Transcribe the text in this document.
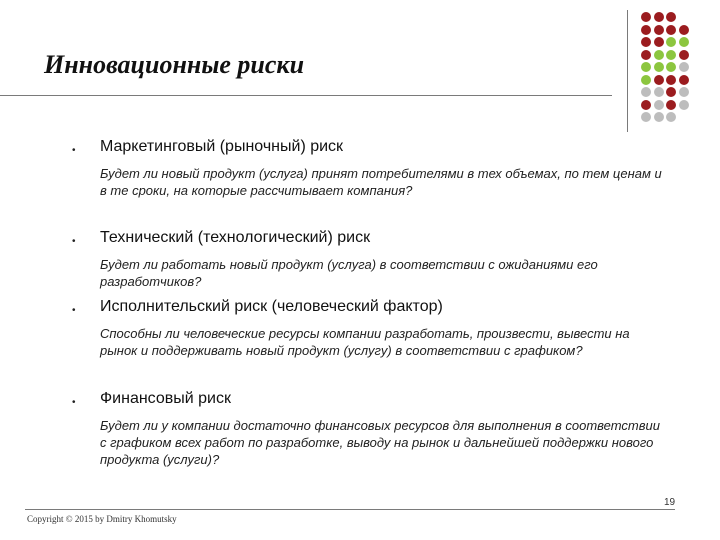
Инновационные риски
• Маркетинговый (рыночный) риск
Будет ли новый продукт (услуга) принят потребителями в тех объемах, по тем ценам и в те сроки, на которые рассчитывает компания?
• Технический (технологический) риск
Будет ли работать новый продукт (услуга) в соответствии с ожиданиями его разработчиков?
• Исполнительский риск (человеческий фактор)
Способны ли человеческие ресурсы компании разработать, произвести, вывести на рынок и поддерживать новый продукт (услугу) в соответствии с графиком?
• Финансовый риск
Будет ли у компании достаточно финансовых ресурсов для выполнения в соответствии с графиком всех работ по разработке, выводу на рынок и дальнейшей поддержки нового продукта (услуги)?
19
Copyright © 2015 by Dmitry Khomutsky
